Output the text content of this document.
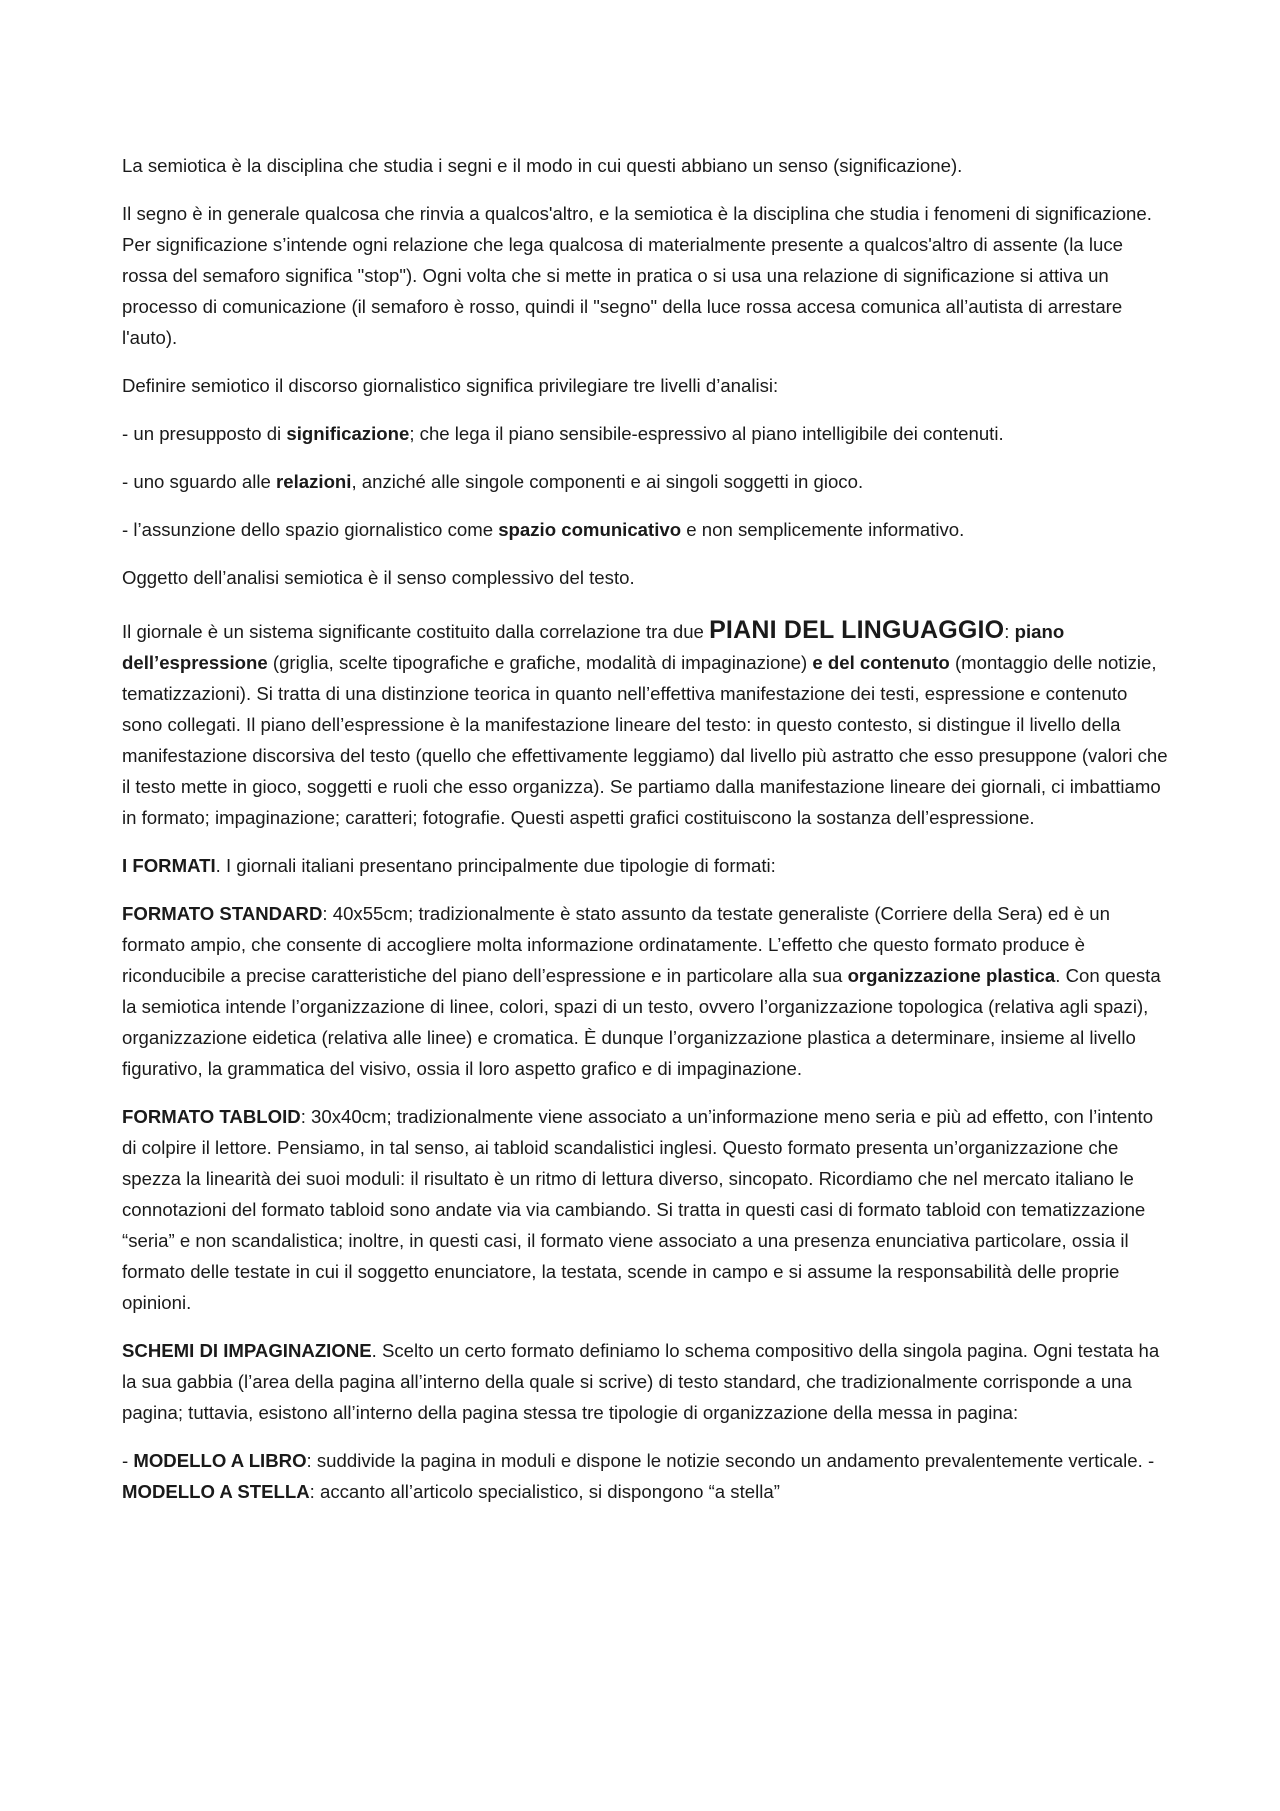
La semiotica è la disciplina che studia i segni e il modo in cui questi abbiano un senso (significazione).

Il segno è in generale qualcosa che rinvia a qualcos'altro, e la semiotica è la disciplina che studia i fenomeni di significazione. Per significazione s’intende ogni relazione che lega qualcosa di materialmente presente a qualcos'altro di assente (la luce rossa del semaforo significa "stop"). Ogni volta che si mette in pratica o si usa una relazione di significazione si attiva un processo di comunicazione (il semaforo è rosso, quindi il "segno" della luce rossa accesa comunica all’autista di arrestare l'auto).

Definire semiotico il discorso giornalistico significa privilegiare tre livelli d’analisi:

- un presupposto di significazione; che lega il piano sensibile-espressivo al piano intelligibile dei contenuti.

- uno sguardo alle relazioni, anziché alle singole componenti e ai singoli soggetti in gioco.

- l’assunzione dello spazio giornalistico come spazio comunicativo e non semplicemente informativo.

Oggetto dell’analisi semiotica è il senso complessivo del testo.

Il giornale è un sistema significante costituito dalla correlazione tra due PIANI DEL LINGUAGGIO: piano dell’espressione (griglia, scelte tipografiche e grafiche, modalità di impaginazione) e del contenuto (montaggio delle notizie, tematizzazioni). Si tratta di una distinzione teorica in quanto nell’effettiva manifestazione dei testi, espressione e contenuto sono collegati. Il piano dell’espressione è la manifestazione lineare del testo: in questo contesto, si distingue il livello della manifestazione discorsiva del testo (quello che effettivamente leggiamo) dal livello più astratto che esso presuppone (valori che il testo mette in gioco, soggetti e ruoli che esso organizza). Se partiamo dalla manifestazione lineare dei giornali, ci imbattiamo in formato; impaginazione; caratteri; fotografie. Questi aspetti grafici costituiscono la sostanza dell’espressione.

I FORMATI. I giornali italiani presentano principalmente due tipologie di formati:

FORMATO STANDARD: 40x55cm; tradizionalmente è stato assunto da testate generaliste (Corriere della Sera) ed è un formato ampio, che consente di accogliere molta informazione ordinatamente. L’effetto che questo formato produce è riconducibile a precise caratteristiche del piano dell’espressione e in particolare alla sua organizzazione plastica. Con questa la semiotica intende l’organizzazione di linee, colori, spazi di un testo, ovvero l’organizzazione topologica (relativa agli spazi), organizzazione eidetica (relativa alle linee) e cromatica. È dunque l’organizzazione plastica a determinare, insieme al livello figurativo, la grammatica del visivo, ossia il loro aspetto grafico e di impaginazione.

FORMATO TABLOID: 30x40cm; tradizionalmente viene associato a un’informazione meno seria e più ad effetto, con l’intento di colpire il lettore. Pensiamo, in tal senso, ai tabloid scandalistici inglesi. Questo formato presenta un’organizzazione che spezza la linearità dei suoi moduli: il risultato è un ritmo di lettura diverso, sincopato. Ricordiamo che nel mercato italiano le connotazioni del formato tabloid sono andate via via cambiando. Si tratta in questi casi di formato tabloid con tematizzazione “seria” e non scandalistica; inoltre, in questi casi, il formato viene associato a una presenza enunciativa particolare, ossia il formato delle testate in cui il soggetto enunciatore, la testata, scende in campo e si assume la responsabilità delle proprie opinioni.

SCHEMI DI IMPAGINAZIONE. Scelto un certo formato definiamo lo schema compositivo della singola pagina. Ogni testata ha la sua gabbia (l’area della pagina all’interno della quale si scrive) di testo standard, che tradizionalmente corrisponde a una pagina; tuttavia, esistono all’interno della pagina stessa tre tipologie di organizzazione della messa in pagina:

- MODELLO A LIBRO: suddivide la pagina in moduli e dispone le notizie secondo un andamento prevalentemente verticale. - MODELLO A STELLA: accanto all’articolo specialistico, si dispongono “a stella”
